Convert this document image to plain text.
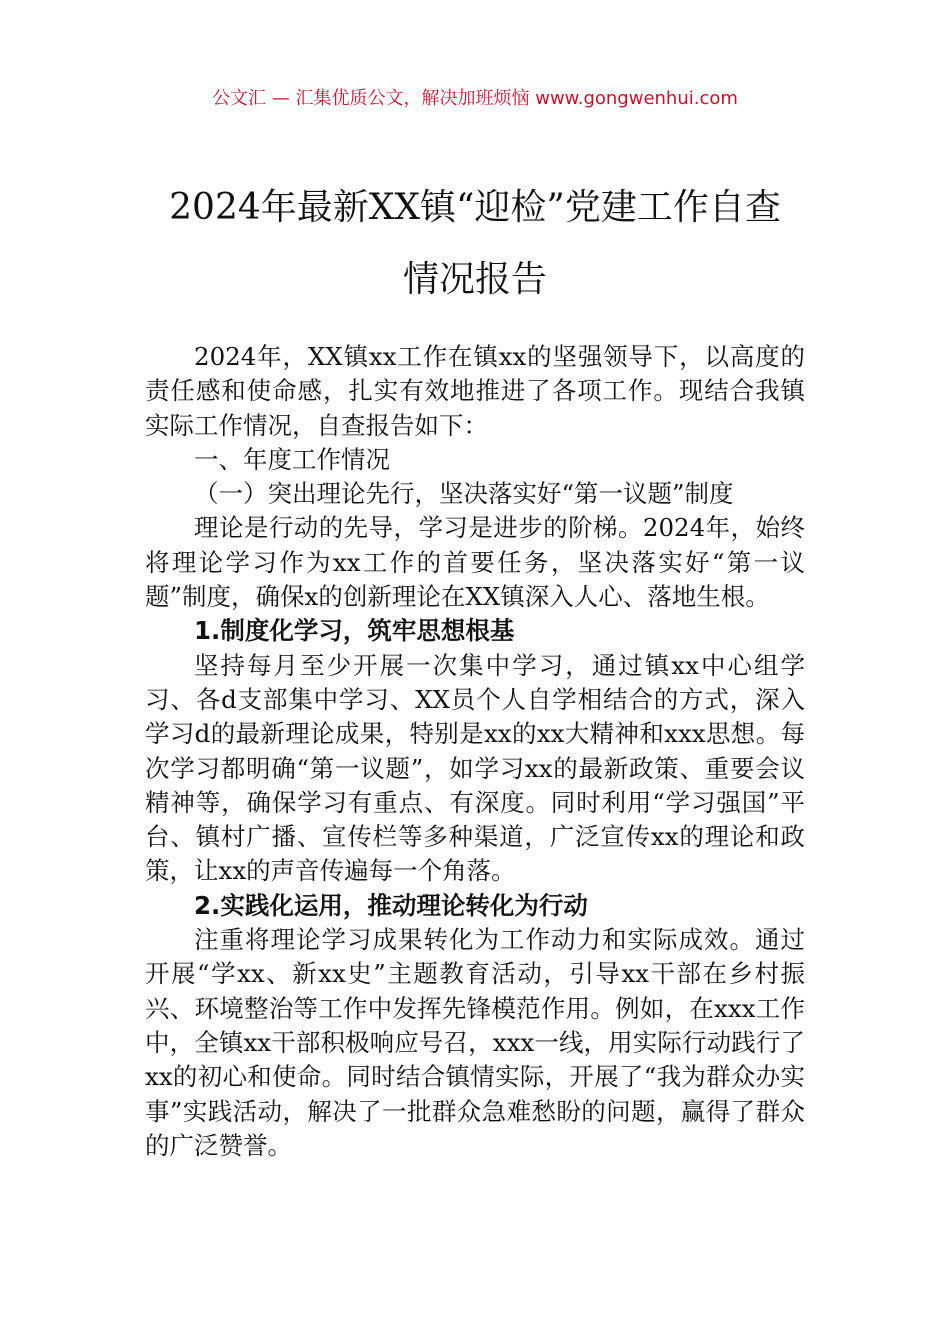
公文汇 — 汇集优质公文，解决加班烦恼 www.gongwenhui.com
2024年最新XX镇“迎检”党建工作自查
情况报告

2024年，XX镇xx工作在镇xx的坚强领导下，以高度的责任感和使命感，扎实有效地推进了各项工作。现结合我镇实际工作情况，自查报告如下：

一、年度工作情况

（一）突出理论先行，坚决落实好“第一议题”制度

理论是行动的先导，学习是进步的阶梯。2024年，始终将理论学习作为xx工作的首要任务，坚决落实好“第一议题”制度，确保x的创新理论在XX镇深入人心、落地生根。

1.制度化学习，筑牢思想根基

坚持每月至少开展一次集中学习，通过镇xx中心组学习、各d支部集中学习、XX员个人自学相结合的方式，深入学习d的最新理论成果，特别是xx的xx大精神和xxx思想。每次学习都明确“第一议题”，如学习xx的最新政策、重要会议精神等，确保学习有重点、有深度。同时利用“学习强国”平台、镇村广播、宣传栏等多种渠道，广泛宣传xx的理论和政策，让xx的声音传遍每一个角落。

2.实践化运用，推动理论转化为行动

注重将理论学习成果转化为工作动力和实际成效。通过开展“学xx、新xx史”主题教育活动，引导xx干部在乡村振兴、环境整治等工作中发挥先锋模范作用。例如，在xxx工作中，全镇xx干部积极响应号召，xxx一线，用实际行动践行了xx的初心和使命。同时结合镇情实际，开展了“我为群众办实事”实践活动，解决了一批群众急难愁盼的问题，赢得了群众的广泛赞誉。
